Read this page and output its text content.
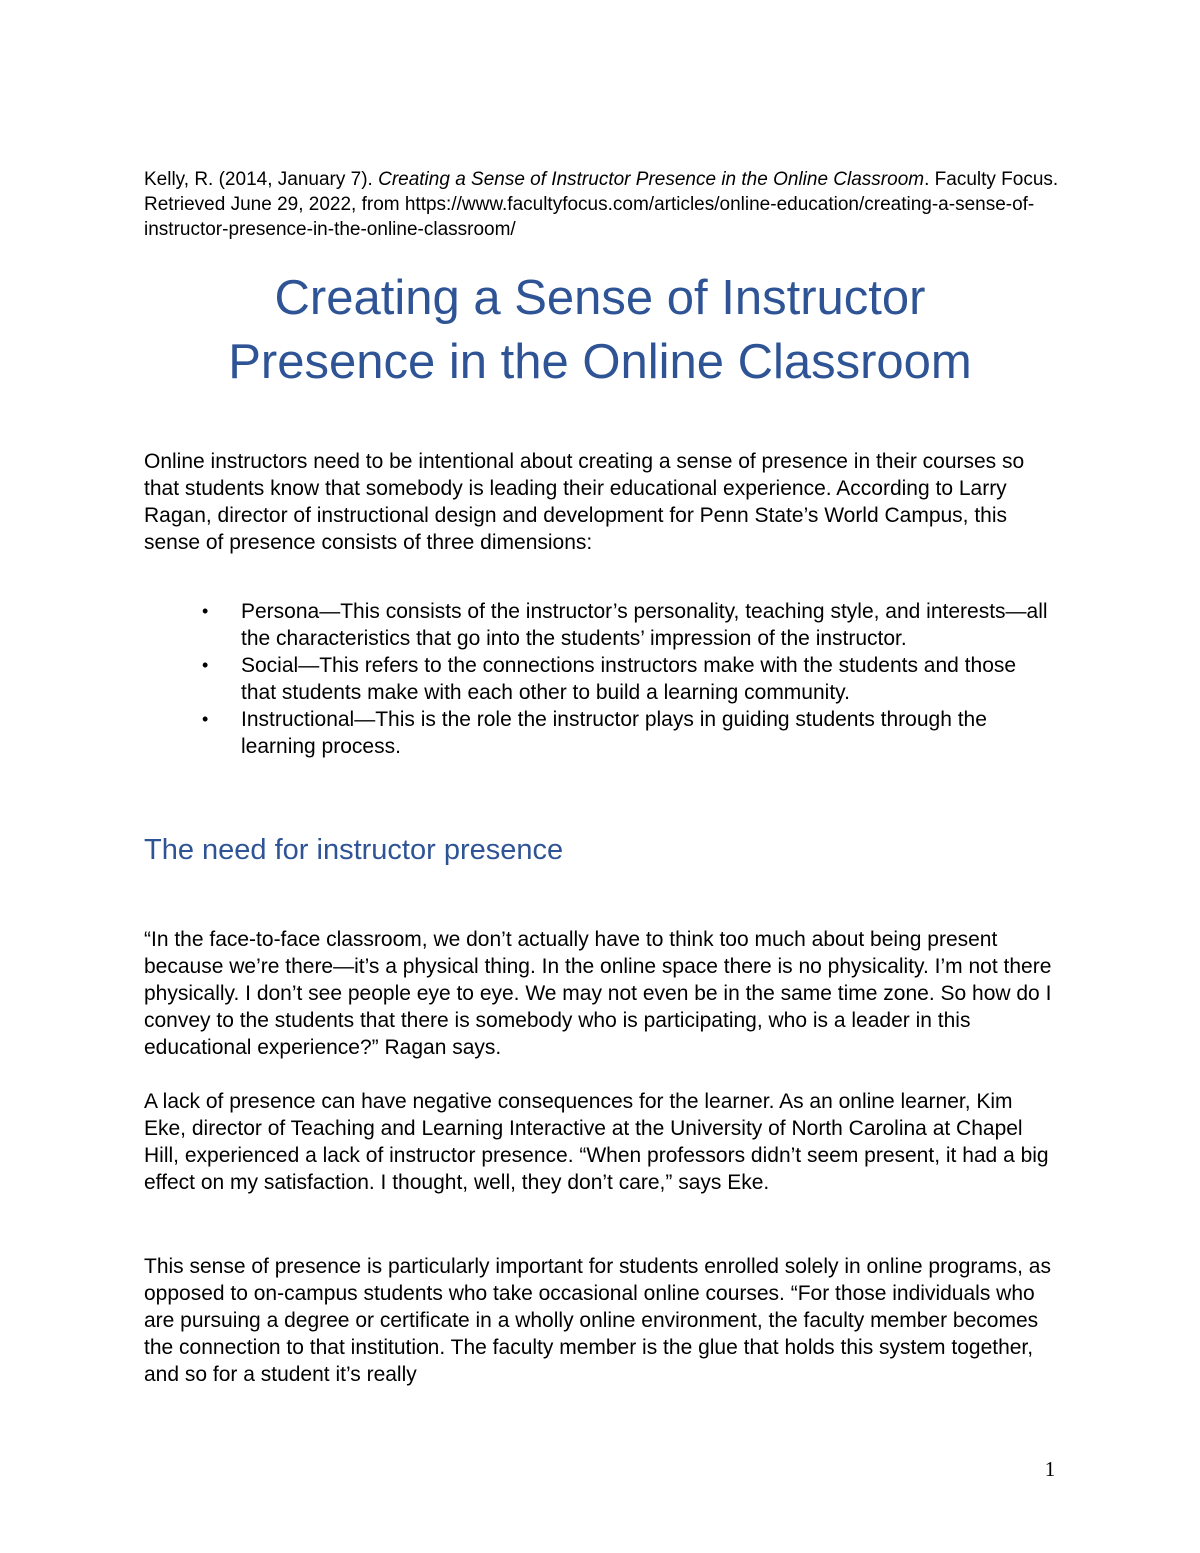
Kelly, R. (2014, January 7). Creating a Sense of Instructor Presence in the Online Classroom. Faculty Focus. Retrieved June 29, 2022, from https://www.facultyfocus.com/articles/online-education/creating-a-sense-of-instructor-presence-in-the-online-classroom/

Creating a Sense of Instructor
Presence in the Online Classroom

Online instructors need to be intentional about creating a sense of presence in their courses so that students know that somebody is leading their educational experience. According to Larry Ragan, director of instructional design and development for Penn State’s World Campus, this sense of presence consists of three dimensions:

• Persona—This consists of the instructor’s personality, teaching style, and interests—all the characteristics that go into the students’ impression of the instructor.
• Social—This refers to the connections instructors make with the students and those that students make with each other to build a learning community.
• Instructional—This is the role the instructor plays in guiding students through the learning process.
The need for instructor presence

“In the face-to-face classroom, we don’t actually have to think too much about being present because we’re there—it’s a physical thing. In the online space there is no physicality. I’m not there physically. I don’t see people eye to eye. We may not even be in the same time zone. So how do I convey to the students that there is somebody who is participating, who is a leader in this educational experience?” Ragan says.

A lack of presence can have negative consequences for the learner. As an online learner, Kim Eke, director of Teaching and Learning Interactive at the University of North Carolina at Chapel Hill, experienced a lack of instructor presence. “When professors didn’t seem present, it had a big effect on my satisfaction. I thought, well, they don’t care,” says Eke.

This sense of presence is particularly important for students enrolled solely in online programs, as opposed to on-campus students who take occasional online courses. “For those individuals who are pursuing a degree or certificate in a wholly online environment, the faculty member becomes the connection to that institution. The faculty member is the glue that holds this system together, and so for a student it’s really

1
